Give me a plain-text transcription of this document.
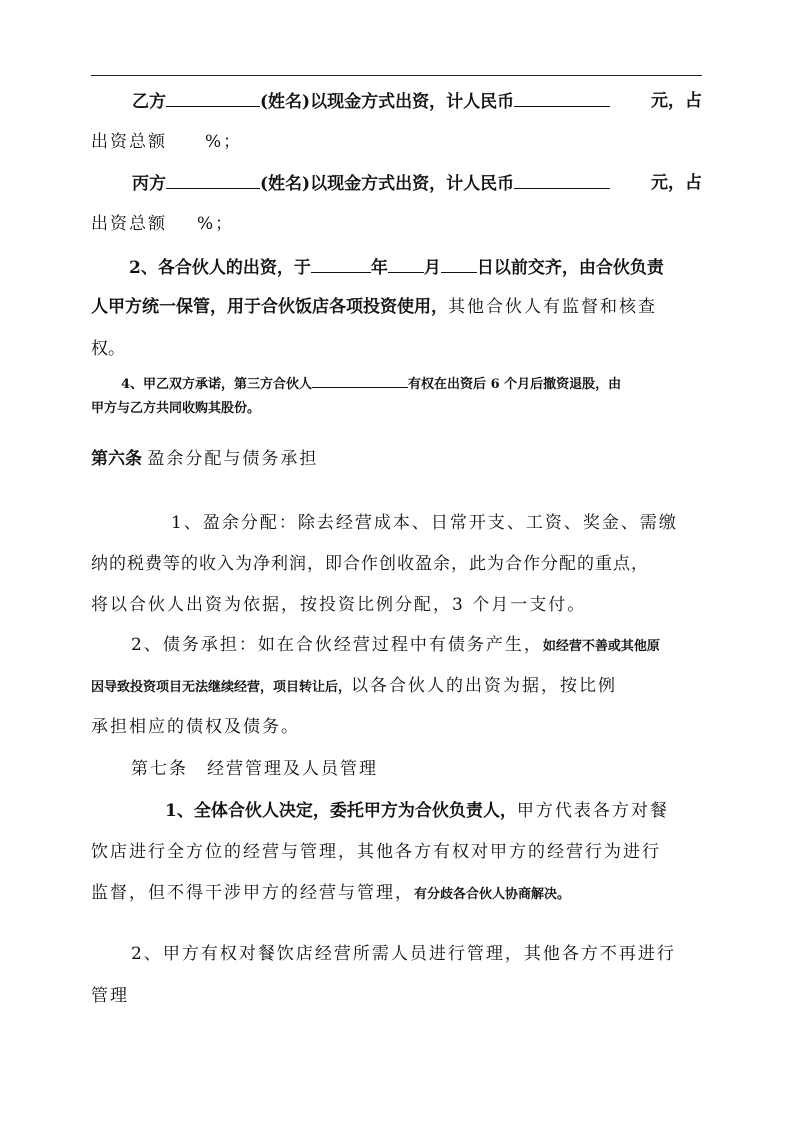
乙方	(姓名)以现金方式出资，计人民币	元，占
出资总额 %；
丙方	(姓名)以现金方式出资，计人民币	元，占
出资总额 %；
2、各合伙人的出资，于	年 月 日以前交齐，由合伙负责
人甲方统一保管，用于合伙饭店各项投资使用，其他合伙人有监督和核查
权。
4、甲乙双方承诺，第三方合伙人	有权在出资后 6 个月后撤资退股，由
甲方与乙方共同收购其股份。
第六条 盈余分配与债务承担
1、盈余分配：除去经营成本、日常开支、工资、奖金、需缴
纳的税费等的收入为净利润，即合作创收盈余，此为合作分配的重点，
将以合伙人出资为依据，按投资比例分配，3 个月一支付。
2、债务承担：如在合伙经营过程中有债务产生，如经营不善或其他原
因导致投资项目无法继续经营，项目转让后，以各合伙人的出资为据，按比例
承担相应的债权及债务。
第七条　经营管理及人员管理
1、全体合伙人决定，委托甲方为合伙负责人，甲方代表各方对餐
饮店进行全方位的经营与管理，其他各方有权对甲方的经营行为进行
监督，但不得干涉甲方的经营与管理，有分歧各合伙人协商解决。
2、甲方有权对餐饮店经营所需人员进行管理，其他各方不再进行
管理
